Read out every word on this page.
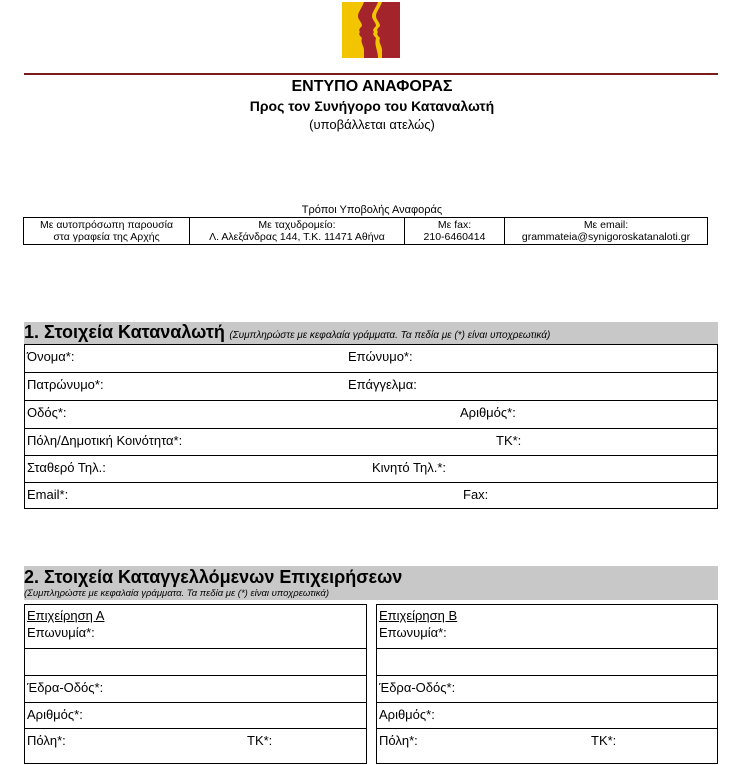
ΕΝΤΥΠΟ ΑΝΑΦΟΡΑΣ
Προς τον Συνήγορο του Καταναλωτή
(υποβάλλεται ατελώς)
Τρόποι Υποβολής Αναφοράς
Με αυτοπρόσωπη παρουσία
στα γραφεία της Αρχής

Με ταχυδρομείο:
Λ. Αλεξάνδρας 144, Τ.Κ. 11471 Αθήνα

Με fax:
210-6460414

Με email:
grammateia@synigoroskatanaloti.gr
1. Στοιχεία Καταναλωτή (Συμπληρώστε με κεφαλαία γράμματα. Τα πεδία με (*) είναι υποχρεωτικά)
Όνομα*:	Επώνυμο*:
Πατρώνυμο*:	Επάγγελμα:
Οδός*:	Αριθμός*:
Πόλη/Δημοτική Κοινότητα*:	ΤΚ*:
Σταθερό Τηλ.:	Κινητό Τηλ.*:
Email*:	Fax:
2. Στοιχεία Καταγγελλόμενων Επιχειρήσεων
(Συμπληρώστε με κεφαλαία γράμματα. Τα πεδία με (*) είναι υποχρεωτικά)
Επιχείρηση Α
Επωνυμία*:
Έδρα-Οδός*:
Αριθμός*:
Πόλη*:	ΤΚ*:
Επιχείρηση Β
Επωνυμία*:
Έδρα-Οδός*:
Αριθμός*:
Πόλη*:	ΤΚ*:
